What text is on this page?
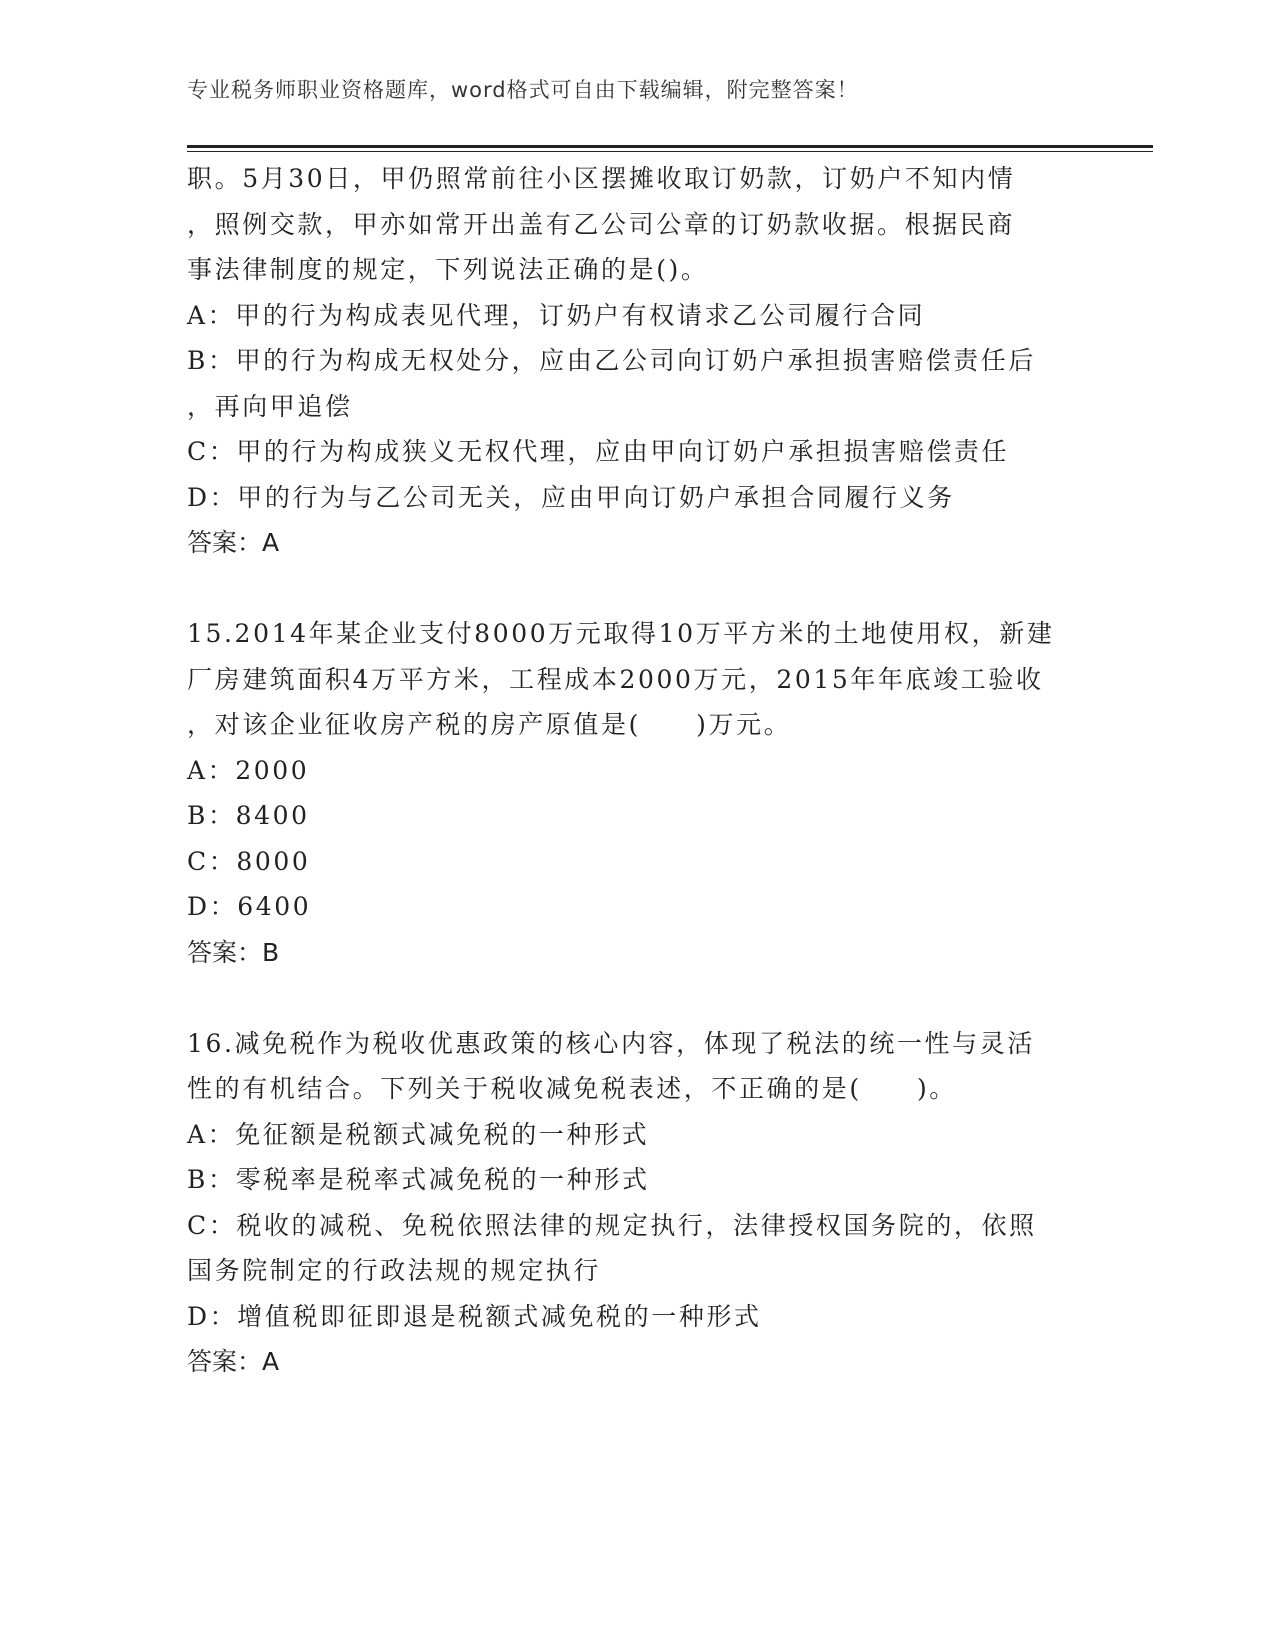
专业税务师职业资格题库，word格式可自由下载编辑，附完整答案！
职。5月30日，甲仍照常前往小区摆摊收取订奶款，订奶户不知内情
，照例交款，甲亦如常开出盖有乙公司公章的订奶款收据。根据民商
事法律制度的规定，下列说法正确的是()。
A：甲的行为构成表见代理，订奶户有权请求乙公司履行合同
B：甲的行为构成无权处分，应由乙公司向订奶户承担损害赔偿责任后
，再向甲追偿
C：甲的行为构成狭义无权代理，应由甲向订奶户承担损害赔偿责任
D：甲的行为与乙公司无关，应由甲向订奶户承担合同履行义务
答案：A
15.2014年某企业支付8000万元取得10万平方米的土地使用权，新建
厂房建筑面积4万平方米，工程成本2000万元，2015年年底竣工验收
，对该企业征收房产税的房产原值是(　　)万元。
A：2000
B：8400
C：8000
D：6400
答案：B
16.减免税作为税收优惠政策的核心内容，体现了税法的统一性与灵活
性的有机结合。下列关于税收减免税表述，不正确的是(　　)。
A：免征额是税额式减免税的一种形式
B：零税率是税率式减免税的一种形式
C：税收的减税、免税依照法律的规定执行，法律授权国务院的，依照
国务院制定的行政法规的规定执行
D：增值税即征即退是税额式减免税的一种形式
答案：A
